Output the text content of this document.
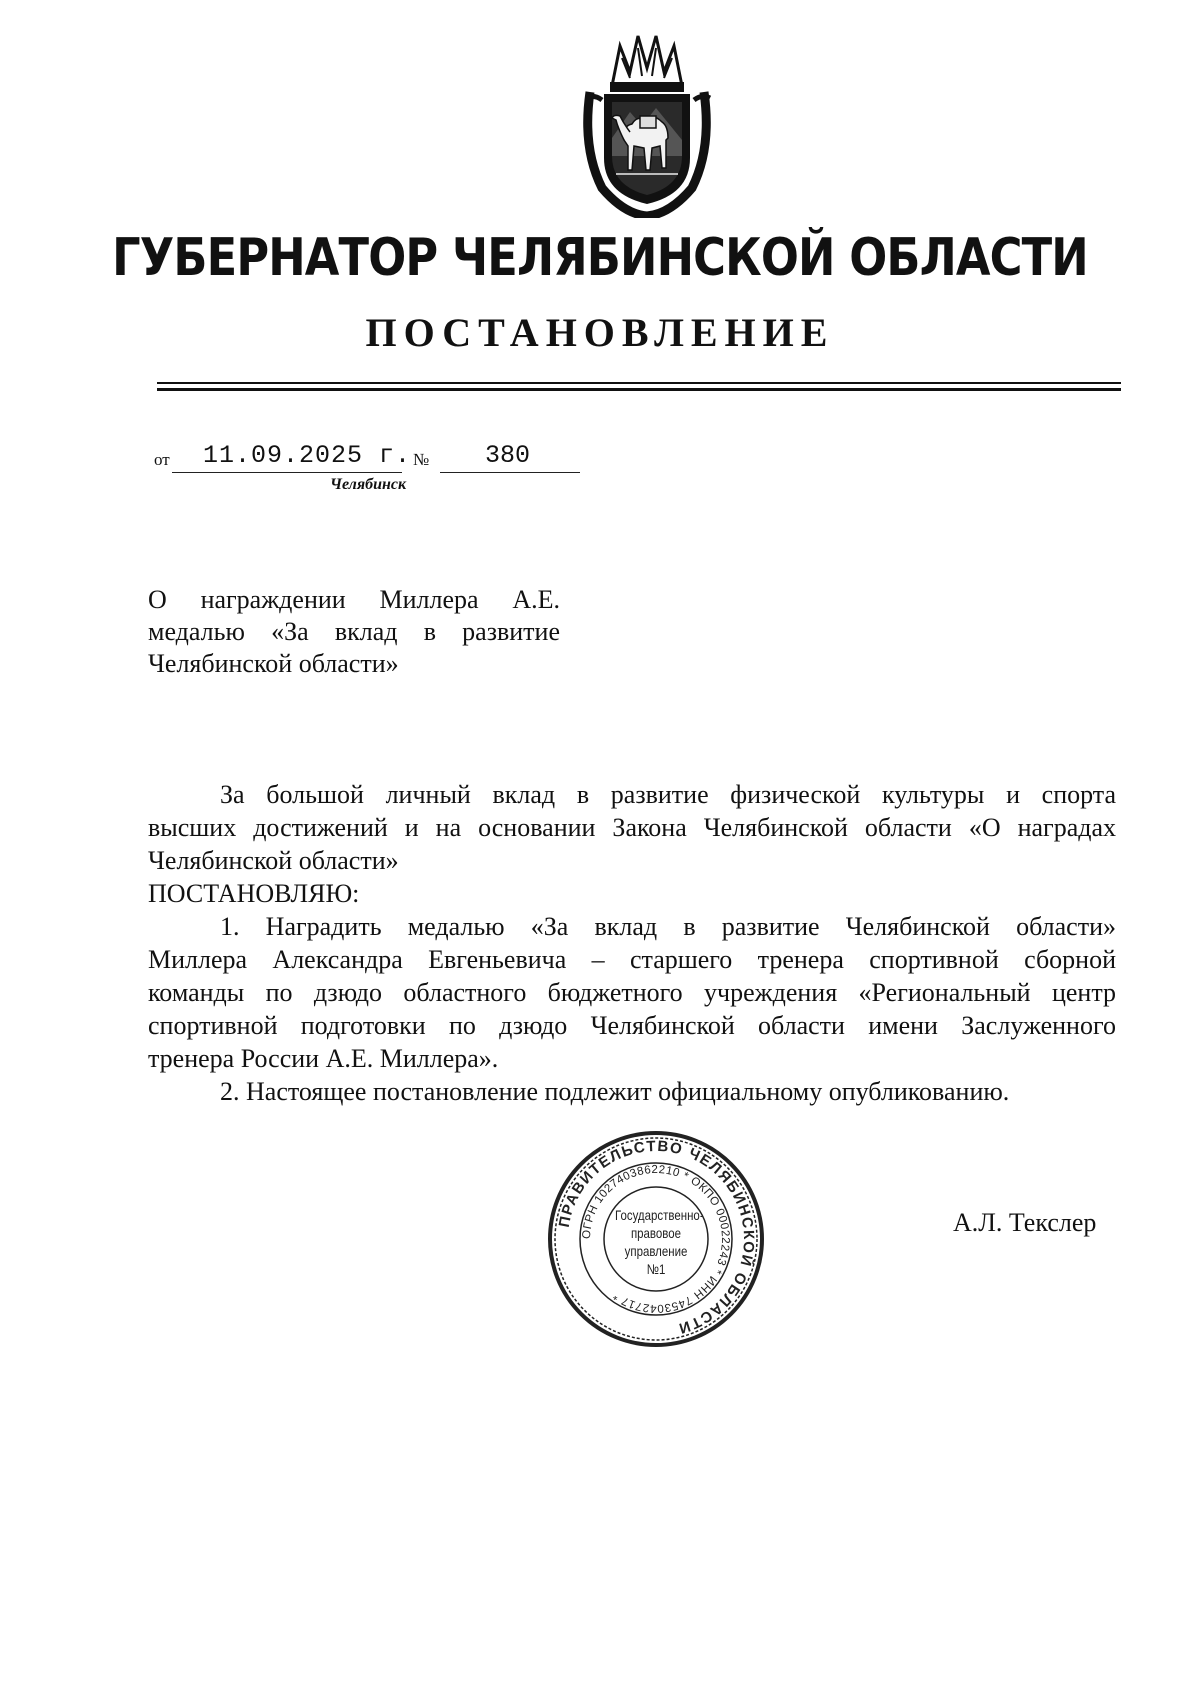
ГУБЕРНАТОР ЧЕЛЯБИНСКОЙ ОБЛАСТИ
ПОСТАНОВЛЕНИЕ
от 11.09.2025 г. № 380
Челябинск
О награждении Миллера А.Е.
медалью «За вклад в развитие
Челябинской области»
За большой личный вклад в развитие физической культуры и спорта
высших достижений и на основании Закона Челябинской области «О наградах
Челябинской области»
ПОСТАНОВЛЯЮ:
1. Наградить медалью «За вклад в развитие Челябинской области»
Миллера Александра Евгеньевича – старшего тренера спортивной сборной
команды по дзюдо областного бюджетного учреждения «Региональный центр
спортивной подготовки по дзюдо Челябинской области имени Заслуженного
тренера России А.Е. Миллера».
2. Настоящее постановление подлежит официальному опубликованию.
ПРАВИТЕЛЬСТВО ЧЕЛЯБИНСКОЙ ОБЛАСТИ
ОГРН 1027403862210 * ОКПО 00022243 * ИНН 7453042717 *
Государственно-
правовое
управление
№1
А.Л. Текслер
